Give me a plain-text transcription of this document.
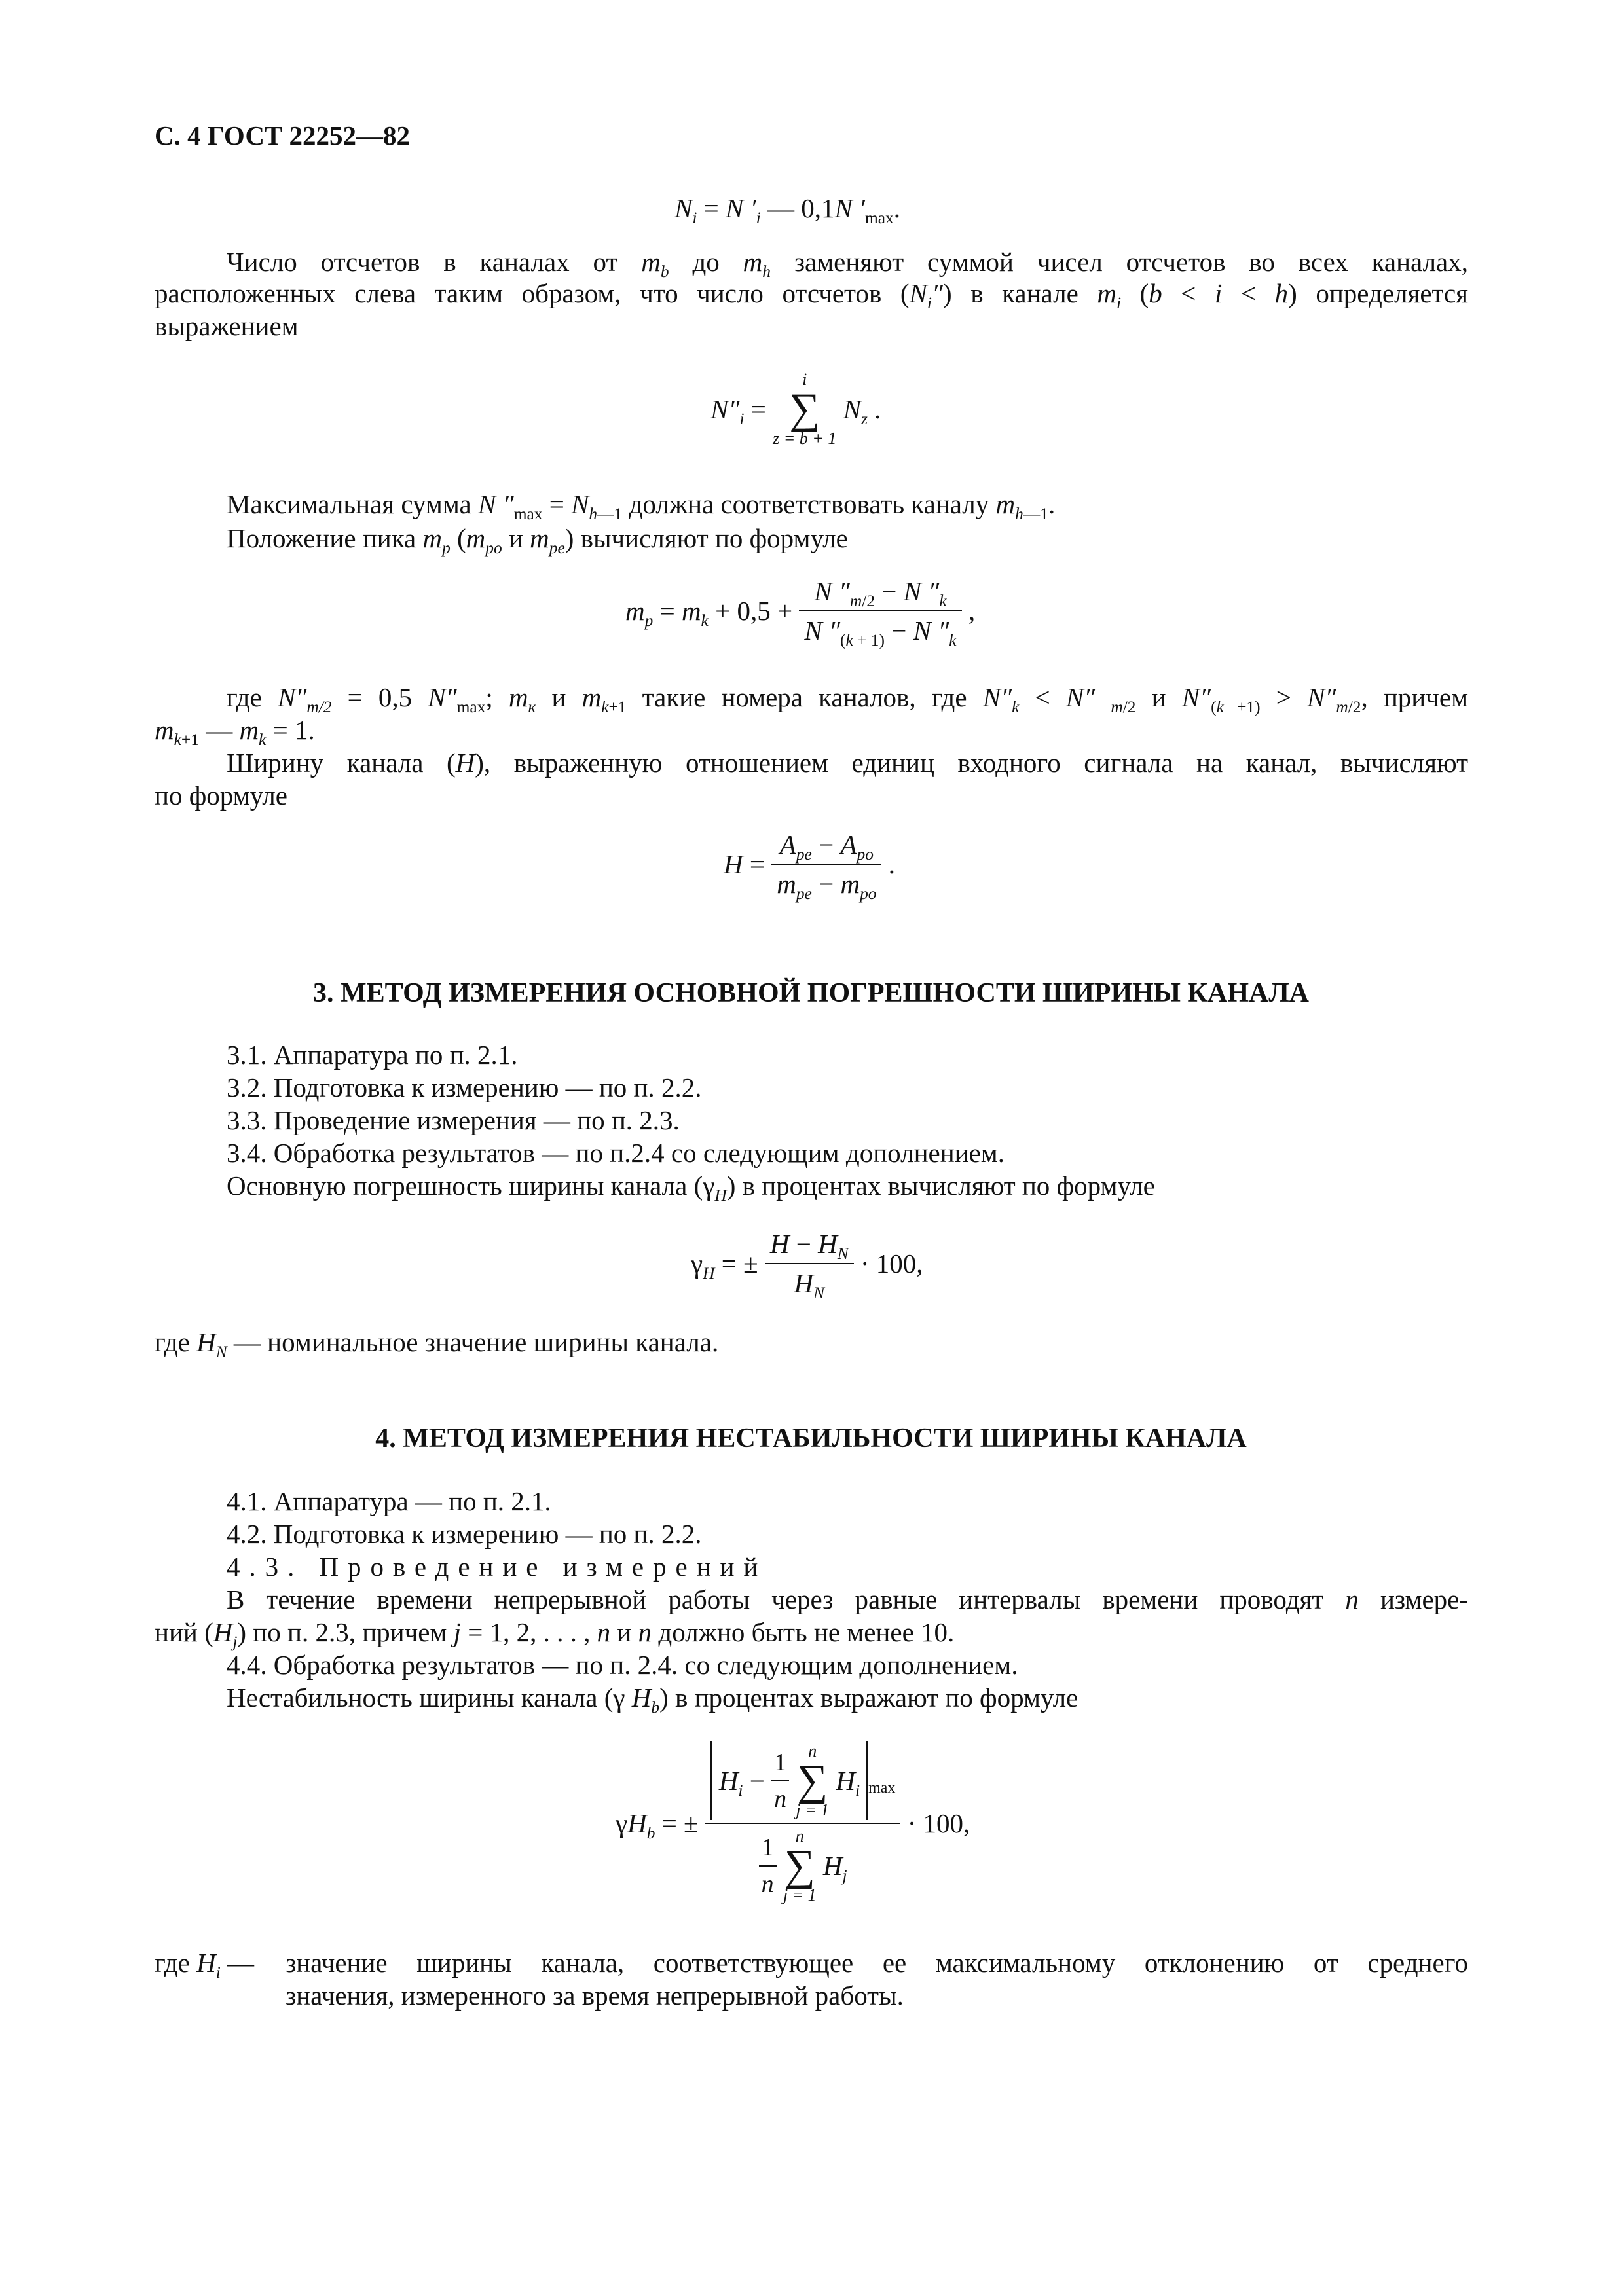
С. 4 ГОСТ 22252—82
$N_i = N$ $'_i$ — 0,1N $'_{max}$.
Число отсчетов в каналах от $m_b$ до $m_h$ заменяют суммой чисел отсчетов во всех каналах,
расположенных слева таким образом, что число отсчетов $(N_i'')$ в канале $m_i$ (b < i < h) определяется
выражением
$N''_i$ =
i
∑
z = b + 1
$N_z$ .
Максимальная сумма N $''_{max} = N_{h—1}$ должна соответствовать каналу $m_{h—1}$.
Положение пика $m_p$ ($m_{po}$ и $m_{pe}$) вычисляют по формуле
$m_p = m_k + 0,5 + \frac{N ''_{m/2} - N ''_k}{N ''_{(k + 1)} - N ''_k}$ ,
где $N''_{m/2} = 0,5$ $N''_{max}$; $m_к$ и $m_{k+1}$ такие номера каналов, где $N''_k < N''$ $_{m/2}$ и $N''_{(k +1)} > N''_{m/2}$, причем
$m_{k+1}$ — $m_k = 1$.
Ширину канала (H), выраженную отношением единиц входного сигнала на канал, вычисляют
по формуле
$H = \frac{A_{pe} - A_{po}}{m_{pe} - m_{po}}$ .
3. МЕТОД ИЗМЕРЕНИЯ ОСНОВНОЙ ПОГРЕШНОСТИ ШИРИНЫ КАНАЛА
3.1. Аппаратура по п. 2.1.
3.2. Подготовка к измерению — по п. 2.2.
3.3. Проведение измерения — по п. 2.3.
3.4. Обработка результатов — по п.2.4 со следующим дополнением.
Основную погрешность ширины канала $(\gamma_H)$ в процентах вычисляют по формуле
$\gamma_H$ = ± $\frac{H - H_N}{H_N} \cdot 100$,
где $H_N$ — номинальное значение ширины канала.
4. МЕТОД ИЗМЕРЕНИЯ НЕСТАБИЛЬНОСТИ ШИРИНЫ КАНАЛА
4.1. Аппаратура — по п. 2.1.
4.2. Подготовка к измерению — по п. 2.2.
4.3. Проведение измерений
В течение времени непрерывной работы через равные интервалы времени проводят n измере-
ний $(H_j)$ по п. 2.3, причем j = 1, 2, . . . , n и n должно быть не менее 10.
4.4. Обработка результатов — по п. 2.4. со следующим дополнением.
Нестабильность ширины канала (γ $H_b$) в процентах выражают по формуле
$\gamma H_b$ = ±
$H_i - \frac{1}{n}$
	n
∑
j = 1
$H_i$ $_{max}$
$\frac{1}{n}$
	n
∑
j = 1
$H_j$
· 100,
где $H_i$ — значение ширины канала, соответствующее ее максимальному отклонению от среднего
значения, измеренного за время непрерывной работы.
